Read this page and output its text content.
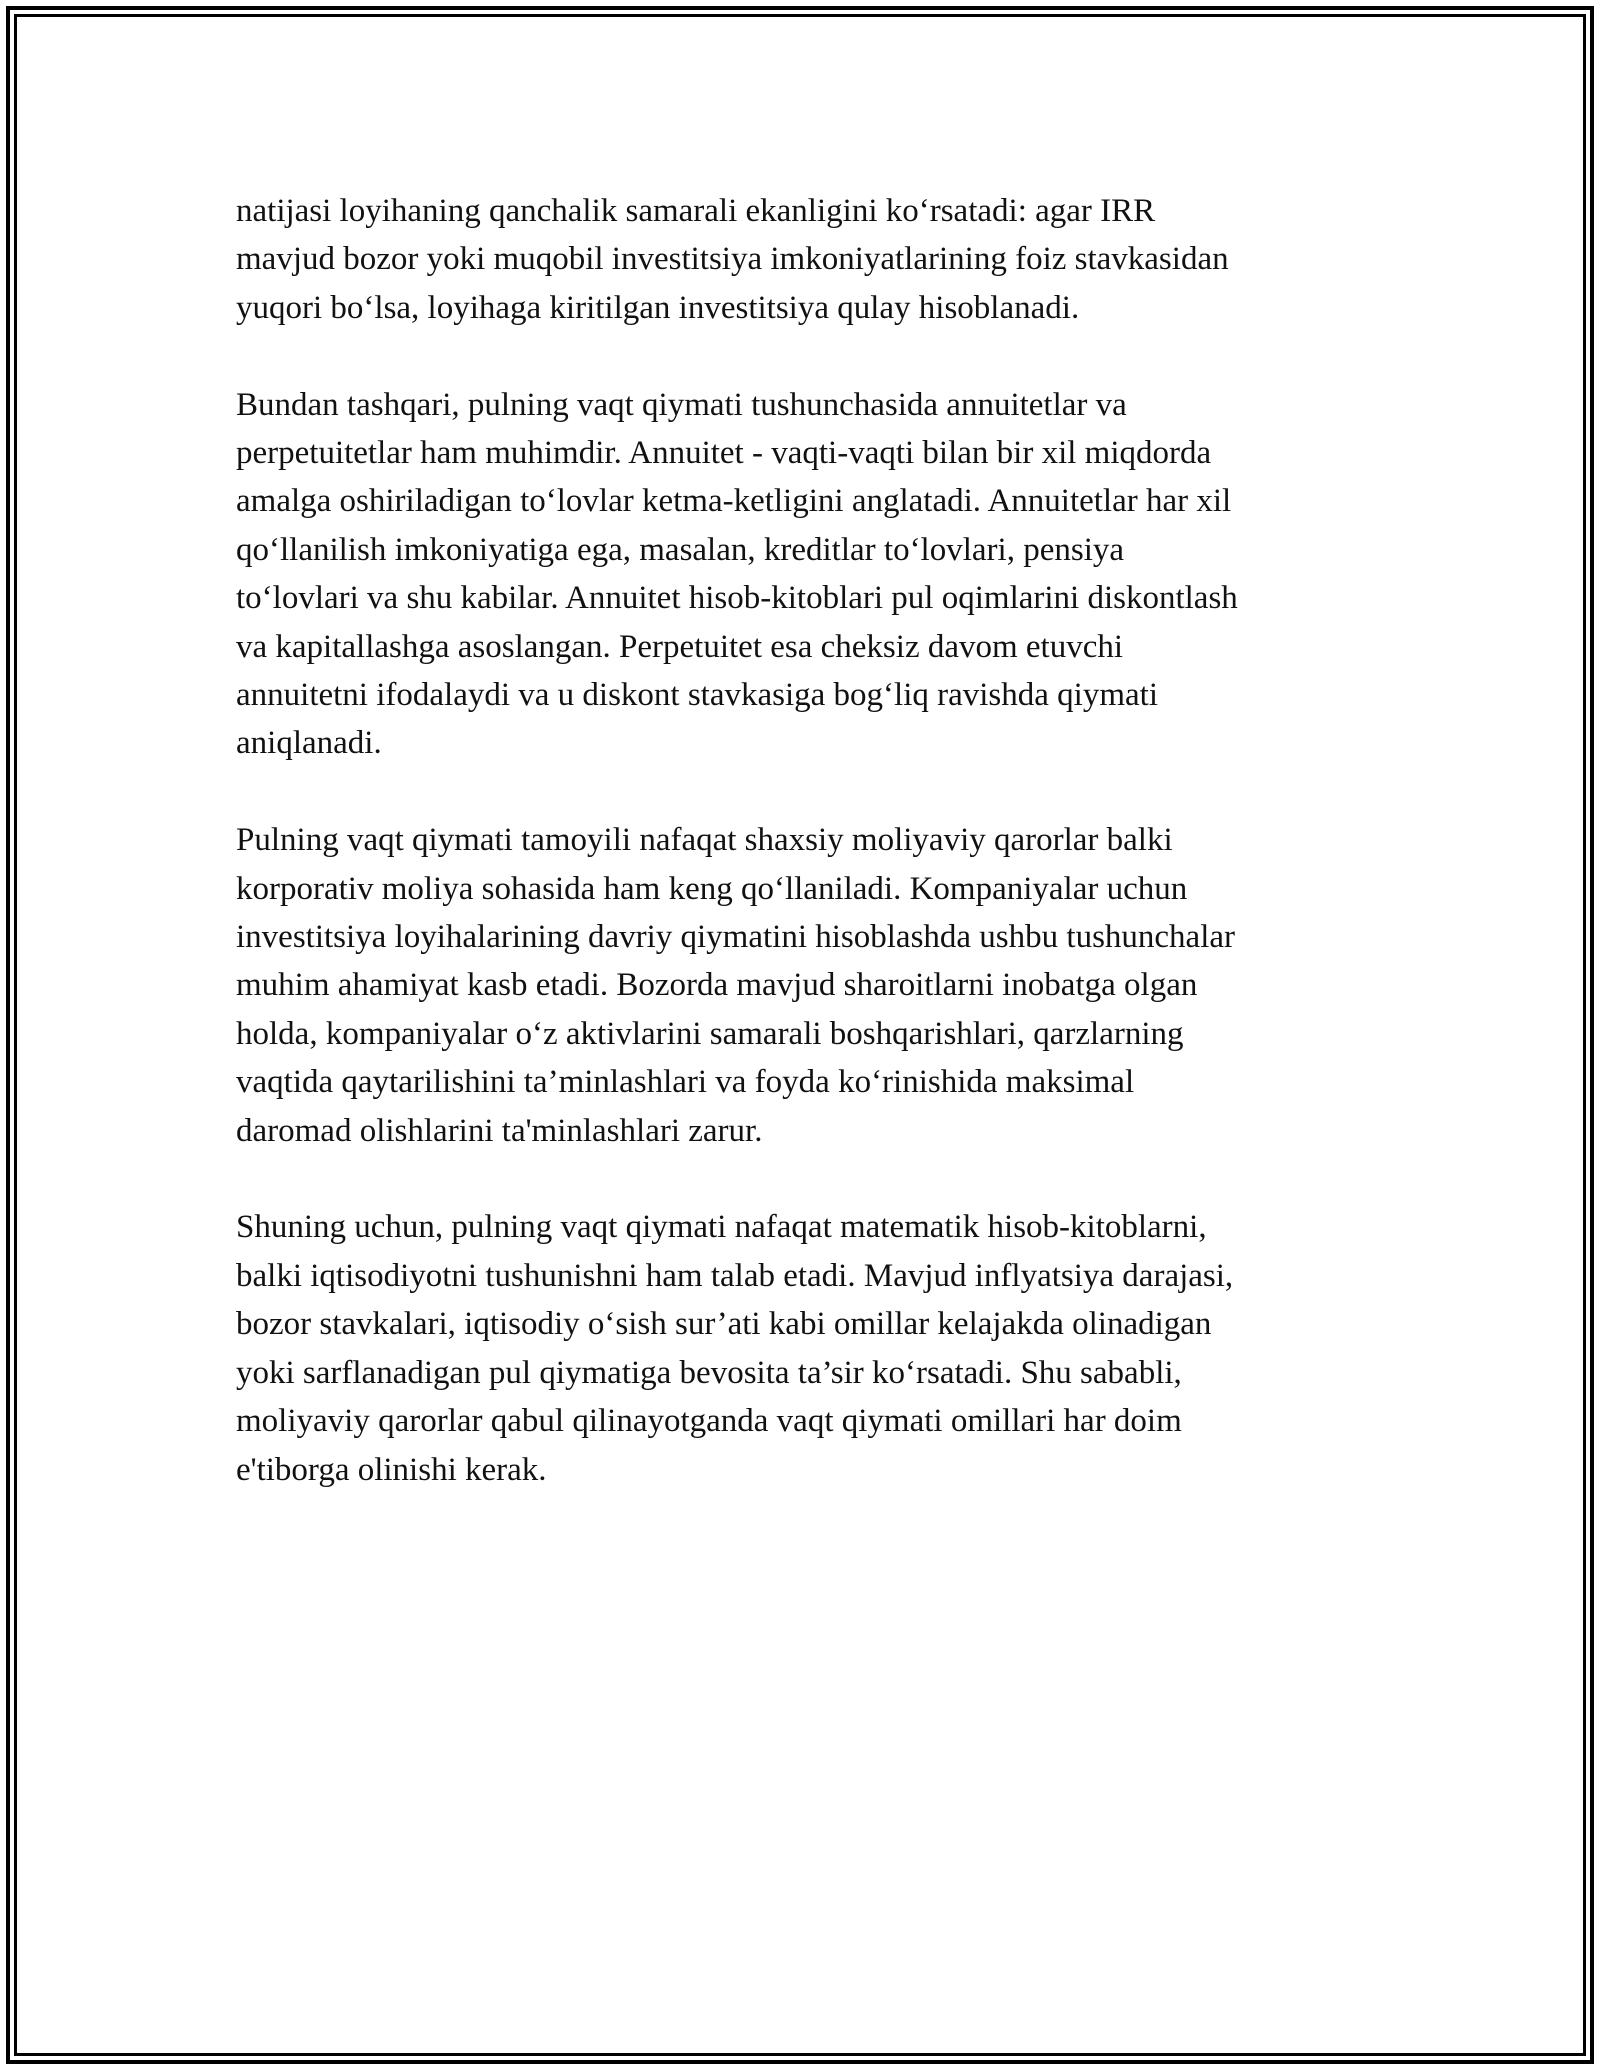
natijasi loyihaning qanchalik samarali ekanligini ko‘rsatadi: agar IRR
mavjud bozor yoki muqobil investitsiya imkoniyatlarining foiz stavkasidan
yuqori bo‘lsa, loyihaga kiritilgan investitsiya qulay hisoblanadi.

Bundan tashqari, pulning vaqt qiymati tushunchasida annuitetlar va
perpetuitetlar ham muhimdir. Annuitet - vaqti-vaqti bilan bir xil miqdorda
amalga oshiriladigan to‘lovlar ketma-ketligini anglatadi. Annuitetlar har xil
qo‘llanilish imkoniyatiga ega, masalan, kreditlar to‘lovlari, pensiya
to‘lovlari va shu kabilar. Annuitet hisob-kitoblari pul oqimlarini diskontlash
va kapitallashga asoslangan. Perpetuitet esa cheksiz davom etuvchi
annuitetni ifodalaydi va u diskont stavkasiga bog‘liq ravishda qiymati
aniqlanadi.

Pulning vaqt qiymati tamoyili nafaqat shaxsiy moliyaviy qarorlar balki
korporativ moliya sohasida ham keng qo‘llaniladi. Kompaniyalar uchun
investitsiya loyihalarining davriy qiymatini hisoblashda ushbu tushunchalar
muhim ahamiyat kasb etadi. Bozorda mavjud sharoitlarni inobatga olgan
holda, kompaniyalar o‘z aktivlarini samarali boshqarishlari, qarzlarning
vaqtida qaytarilishini ta’minlashlari va foyda ko‘rinishida maksimal
daromad olishlarini ta'minlashlari zarur.

Shuning uchun, pulning vaqt qiymati nafaqat matematik hisob-kitoblarni,
balki iqtisodiyotni tushunishni ham talab etadi. Mavjud inflyatsiya darajasi,
bozor stavkalari, iqtisodiy o‘sish sur’ati kabi omillar kelajakda olinadigan
yoki sarflanadigan pul qiymatiga bevosita ta’sir ko‘rsatadi. Shu sababli,
moliyaviy qarorlar qabul qilinayotganda vaqt qiymati omillari har doim
e'tiborga olinishi kerak.
